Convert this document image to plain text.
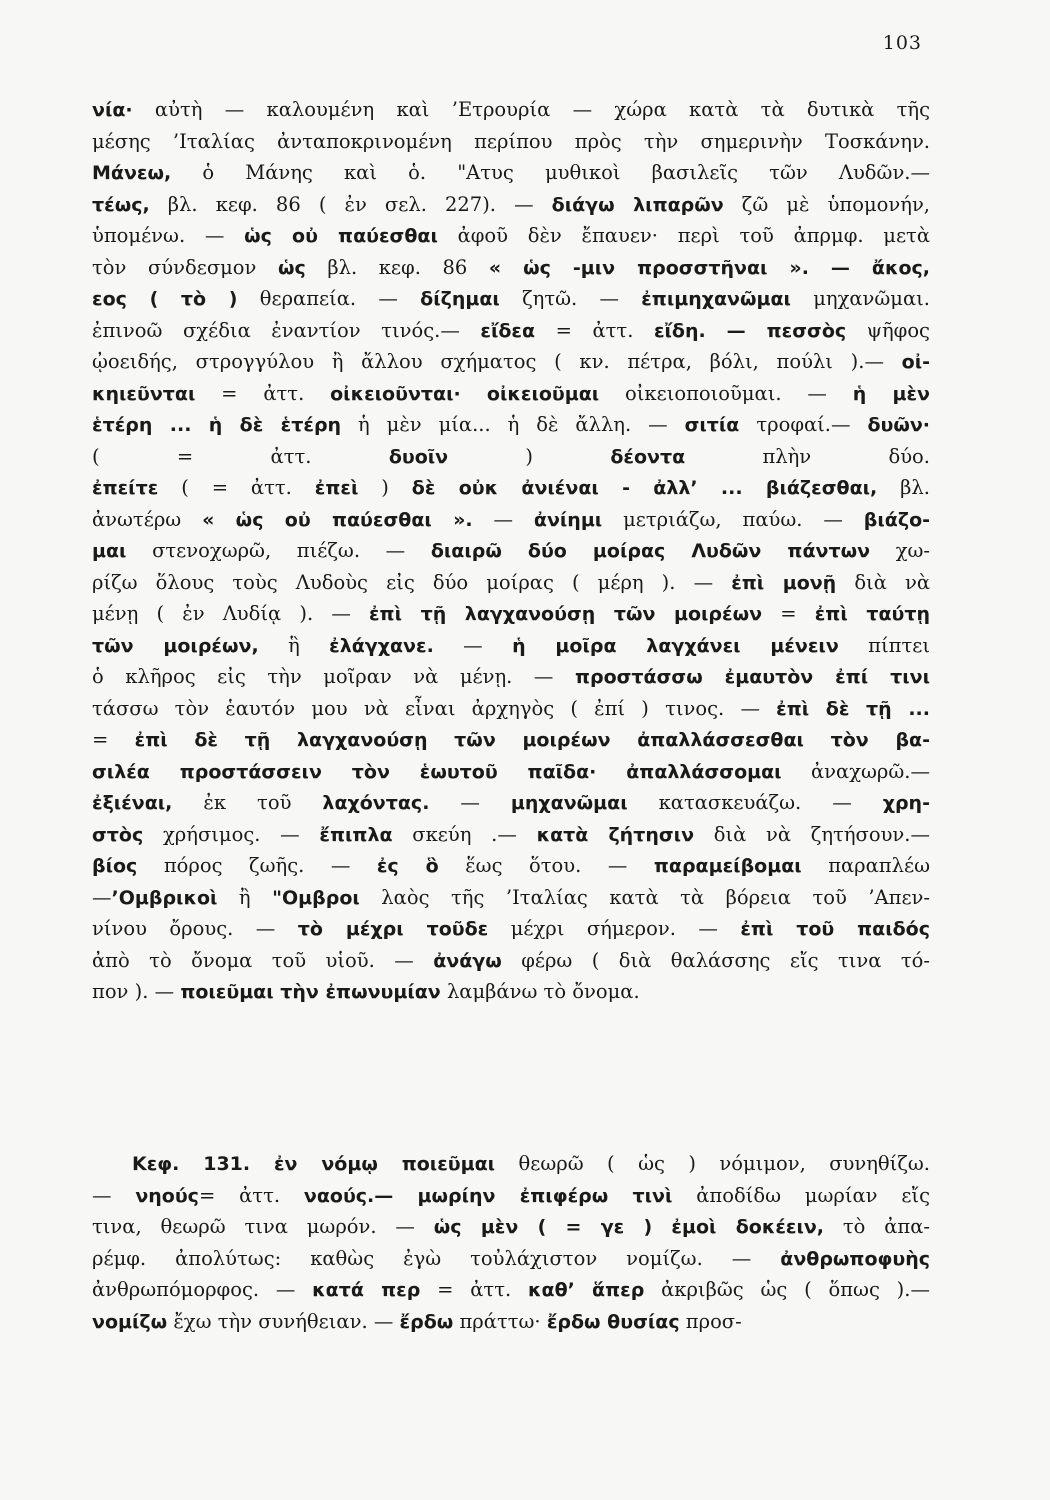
103
νία· αὐτὴ — καλουμένη καὶ ’Ετρουρία — χώρα κατὰ τὰ δυτικὰ τῆς
μέσης ’Ιταλίας ἀνταποκρινομένη περίπου πρὸς τὴν σημερινὴν Τοσκάνην.
Μάνεω, ὁ Μάνης καὶ ὁ. "Ατυς μυθικοὶ βασιλεῖς τῶν Λυδῶν.—
τέως, βλ. κεφ. 86 ( ἐν σελ. 227). — διάγω λιπαρῶν ζῶ μὲ ὑπομονήν,
ὑπομένω. — ὡς οὐ παύεσθαι ἀφοῦ δὲν ἔπαυεν· περὶ τοῦ ἀπρμφ. μετὰ
τὸν σύνδεσμον ὡς βλ. κεφ. 86 « ὡς -μιν προσστῆναι ». — ἄκος,
εος ( τὸ ) θεραπεία. — δίζημαι ζητῶ. — ἐπιμηχανῶμαι μηχανῶμαι.
ἐπινοῶ σχέδια ἐναντίον τινός.— εἴδεα = ἀττ. εἴδη. — πεσσὸς ψῆφος
ᾠοειδής, στρογγύλου ἢ ἄλλου σχήματος ( κν. πέτρα, βόλι, πούλι ).— οἰ-
κηιεῦνται = ἀττ. οἰκειοῦνται· οἰκειοῦμαι οἰκειοποιοῦμαι. — ἡ μὲν
ἑτέρη ... ἡ δὲ ἑτέρη ἡ μὲν μία... ἡ δὲ ἄλλη. — σιτία τροφαί.— δυῶν·
( = ἀττ. δυοῖν ) δέοντα πλὴν δύο.
ἐπείτε ( = ἀττ. ἐπεὶ ) δὲ οὐκ ἀνιέναι - ἀλλ’ ... βιάζεσθαι, βλ.
ἀνωτέρω « ὡς οὐ παύεσθαι ». — ἀνίημι μετριάζω, παύω. — βιάζο-
μαι στενοχωρῶ, πιέζω. — διαιρῶ δύο μοίρας Λυδῶν πάντων χω-
ρίζω ὅλους τοὺς Λυδοὺς εἰς δύο μοίρας ( μέρη ). — ἐπὶ μονῇ διὰ νὰ
μένῃ ( ἐν Λυδίᾳ ). — ἐπὶ τῇ λαγχανούσῃ τῶν μοιρέων = ἐπὶ ταύτῃ
τῶν μοιρέων, ἣ ἐλάγχανε. — ἡ μοῖρα λαγχάνει μένειν πίπτει
ὁ κλῆρος εἰς τὴν μοῖραν νὰ μένῃ. — προστάσσω ἐμαυτὸν ἐπί τινι
τάσσω τὸν ἑαυτόν μου νὰ εἶναι ἀρχηγὸς ( ἐπί ) τινος. — ἐπὶ δὲ τῇ ...
= ἐπὶ δὲ τῇ λαγχανούσῃ τῶν μοιρέων ἀπαλλάσσεσθαι τὸν βα-
σιλέα προστάσσειν τὸν ἑωυτοῦ παῖδα· ἀπαλλάσσομαι ἀναχωρῶ.—
ἐξιέναι, ἐκ τοῦ λαχόντας. — μηχανῶμαι κατασκευάζω. — χρη-
στὸς χρήσιμος. — ἔπιπλα σκεύη .— κατὰ ζήτησιν διὰ νὰ ζητήσουν.—
βίος πόρος ζωῆς. — ἐς ὃ ἕως ὅτου. — παραμείβομαι παραπλέω
—’Ομβρικοὶ ἢ "Ομβροι λαὸς τῆς ’Ιταλίας κατὰ τὰ βόρεια τοῦ ’Απεν-
νίνου ὄρους. — τὸ μέχρι τοῦδε μέχρι σήμερον. — ἐπὶ τοῦ παιδός
ἀπὸ τὸ ὄνομα τοῦ υἱοῦ. — ἀνάγω φέρω ( διὰ θαλάσσης εἴς τινα τό-
πον ). — ποιεῦμαι τὴν ἐπωνυμίαν λαμβάνω τὸ ὄνομα.
Κεφ. 131. ἐν νόμῳ ποιεῦμαι θεωρῶ ( ὡς ) νόμιμον, συνηθίζω.
— νηούς= ἀττ. ναούς.— μωρίην ἐπιφέρω τινὶ ἀποδίδω μωρίαν εἴς
τινα, θεωρῶ τινα μωρόν. — ὡς μὲν ( = γε ) ἐμοὶ δοκέειν, τὸ ἀπα-
ρέμφ. ἀπολύτως: καθὼς ἐγὼ τοὐλάχιστον νομίζω. — ἀνθρωποφυὴς
ἀνθρωπόμορφος. — κατά περ = ἀττ. καθ’ ἅπερ ἀκριβῶς ὡς ( ὅπως ).—
νομίζω ἔχω τὴν συνήθειαν. — ἔρδω πράττω· ἔρδω θυσίας προσ-
